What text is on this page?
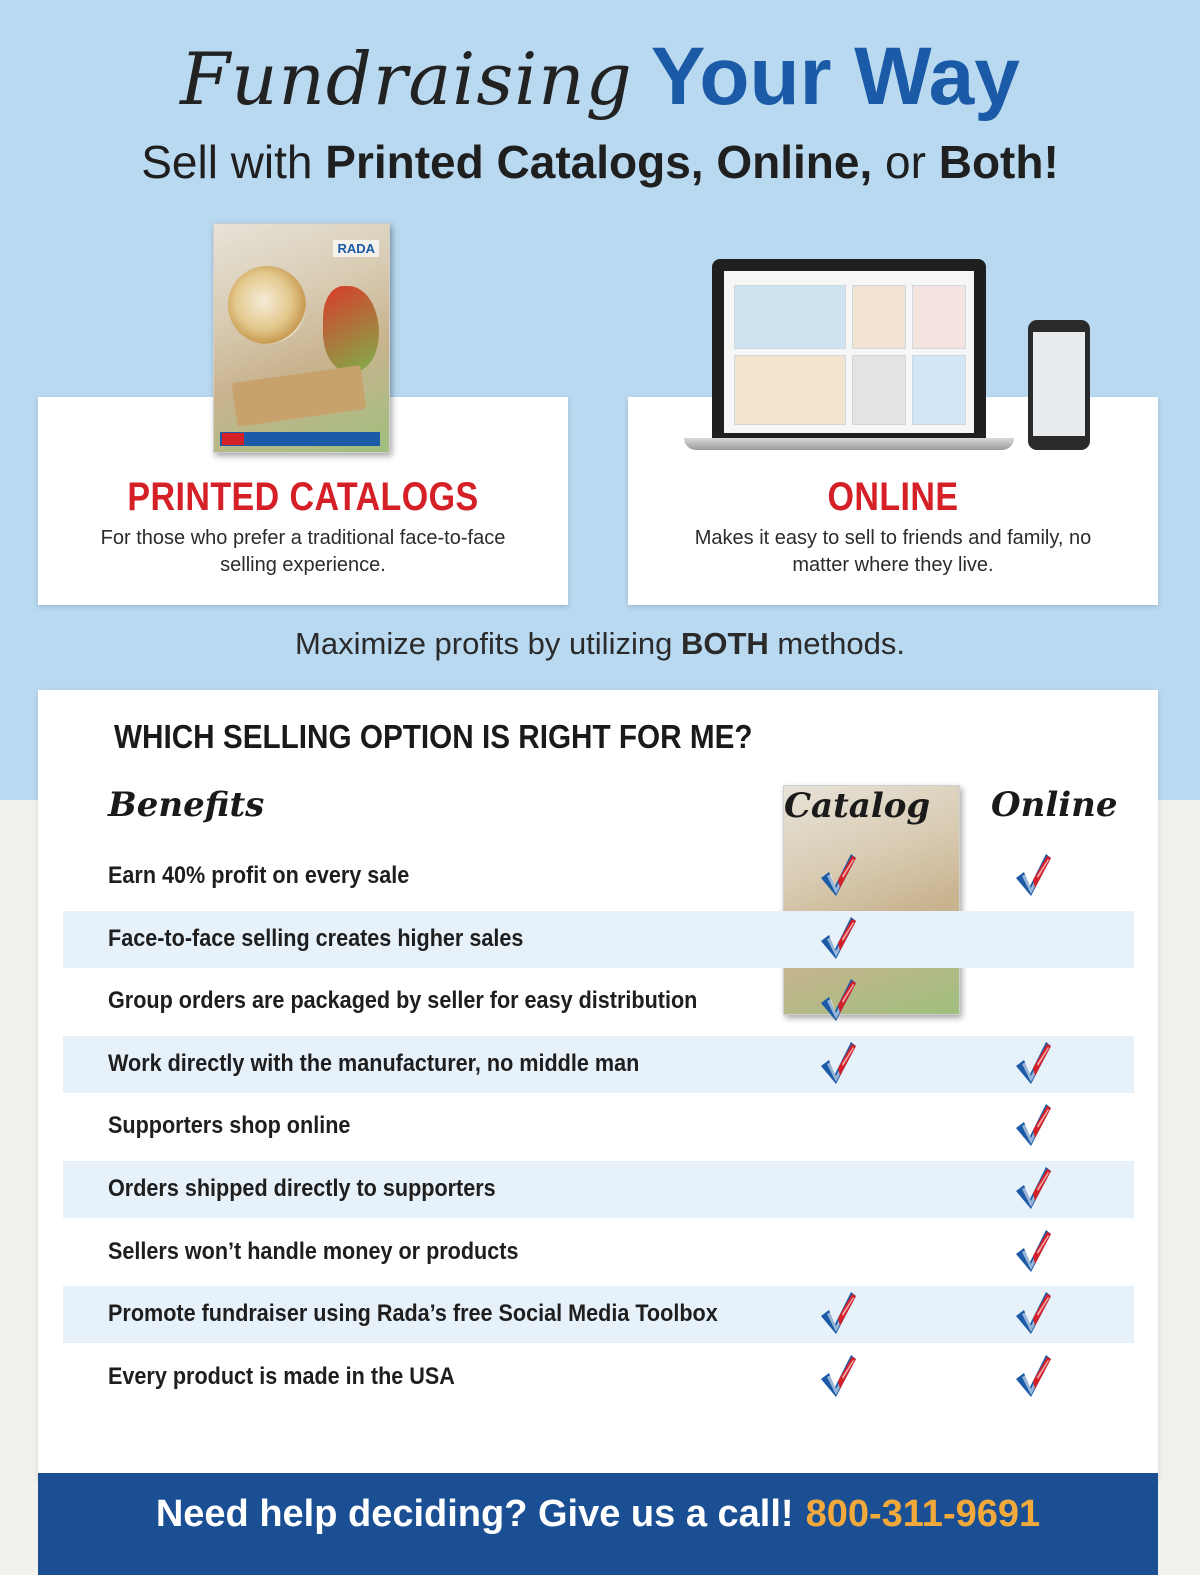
Fundraising Your Way
Sell with Printed Catalogs, Online, or Both!
PRINTED CATALOGS
For those who prefer a traditional face-to-face selling experience.
ONLINE
Makes it easy to sell to friends and family, no matter where they live.
RADA
Maximize profits by utilizing BOTH methods.
WHICH SELLING OPTION IS RIGHT FOR ME?
Benefits	Catalog	Online
Earn 40% profit on every sale
Face-to-face selling creates higher sales
Group orders are packaged by seller for easy distribution
Work directly with the manufacturer, no middle man
Supporters shop online
Orders shipped directly to supporters
Sellers won’t handle money or products
Promote fundraiser using Rada’s free Social Media Toolbox
Every product is made in the USA
Need help deciding? Give us a call! 800-311-9691
